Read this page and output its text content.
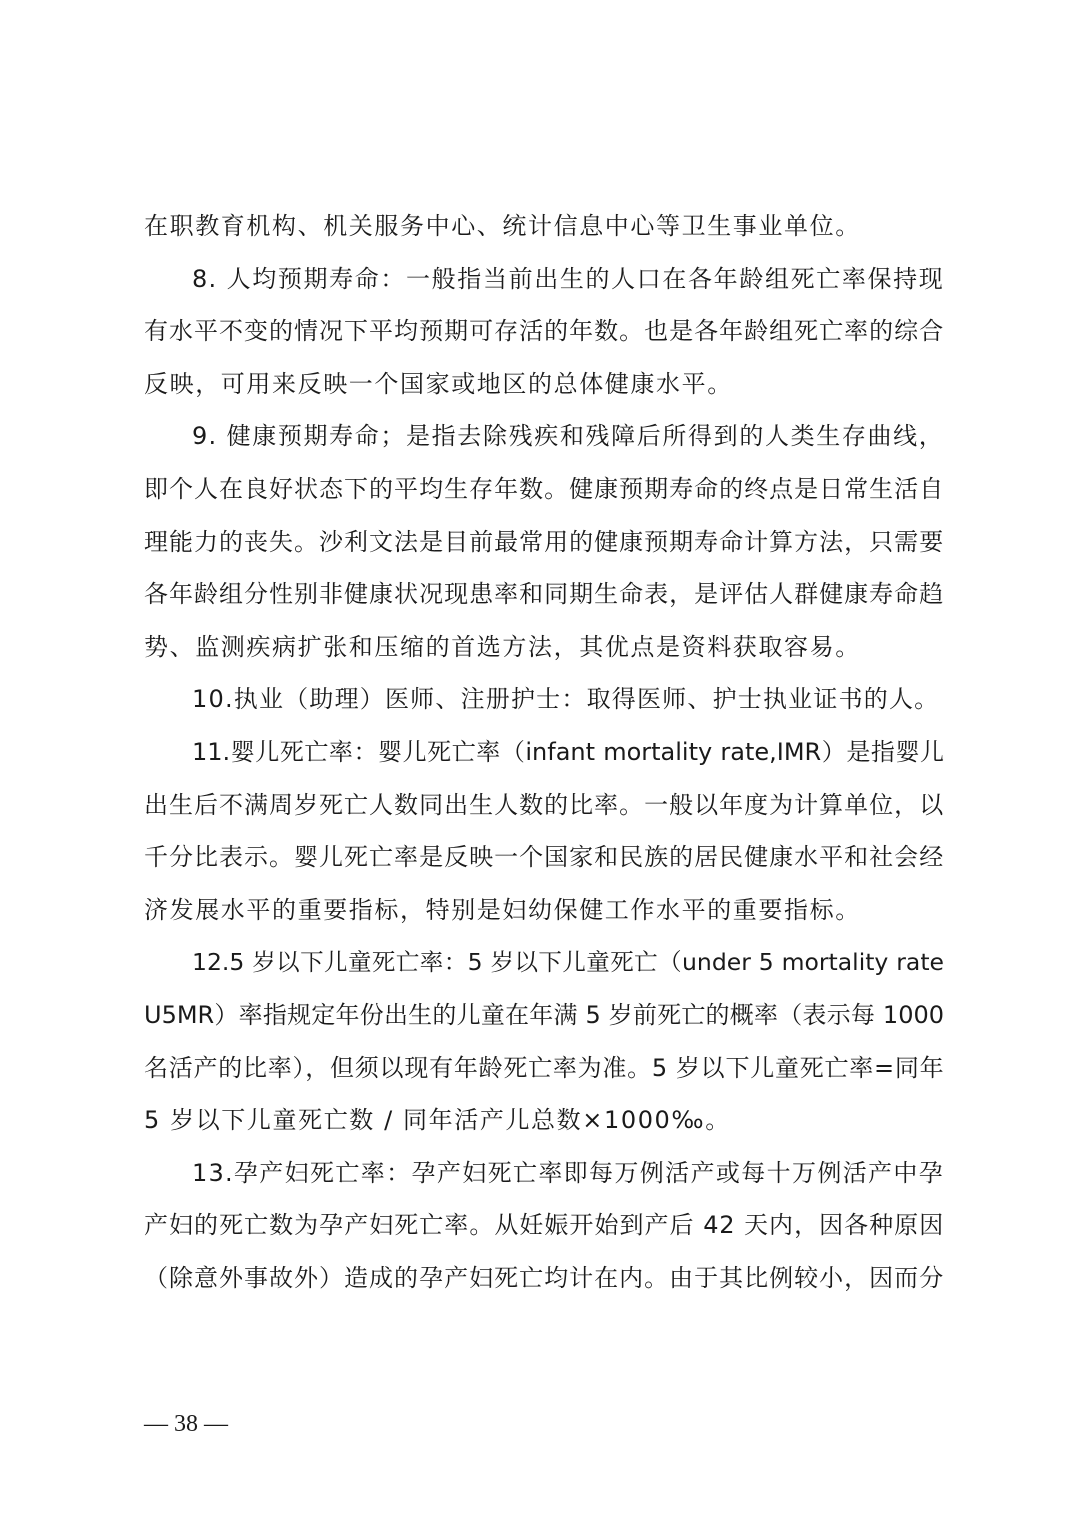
在职教育机构、机关服务中心、统计信息中心等卫生事业单位。
8. 人均预期寿命：一般指当前出生的人口在各年龄组死亡率保持现
有水平不变的情况下平均预期可存活的年数。也是各年龄组死亡率的综合
反映，可用来反映一个国家或地区的总体健康水平。
9. 健康预期寿命；是指去除残疾和残障后所得到的人类生存曲线，
即个人在良好状态下的平均生存年数。健康预期寿命的终点是日常生活自
理能力的丧失。沙利文法是目前最常用的健康预期寿命计算方法，只需要
各年龄组分性别非健康状况现患率和同期生命表，是评估人群健康寿命趋
势、监测疾病扩张和压缩的首选方法，其优点是资料获取容易。
10.执业（助理）医师、注册护士：取得医师、护士执业证书的人。
11.婴儿死亡率：婴儿死亡率（infant mortality rate,IMR）是指婴儿
出生后不满周岁死亡人数同出生人数的比率。一般以年度为计算单位，以
千分比表示。婴儿死亡率是反映一个国家和民族的居民健康水平和社会经
济发展水平的重要指标，特别是妇幼保健工作水平的重要指标。
12.5 岁以下儿童死亡率：5 岁以下儿童死亡（under 5 mortality rate
U5MR）率指规定年份出生的儿童在年满 5 岁前死亡的概率（表示每 1000
名活产的比率），但须以现有年龄死亡率为准。5 岁以下儿童死亡率=同年
5 岁以下儿童死亡数 / 同年活产儿总数×1000‰。
13.孕产妇死亡率：孕产妇死亡率即每万例活产或每十万例活产中孕
产妇的死亡数为孕产妇死亡率。从妊娠开始到产后 42 天内，因各种原因
（除意外事故外）造成的孕产妇死亡均计在内。由于其比例较小，因而分
— 38 —
